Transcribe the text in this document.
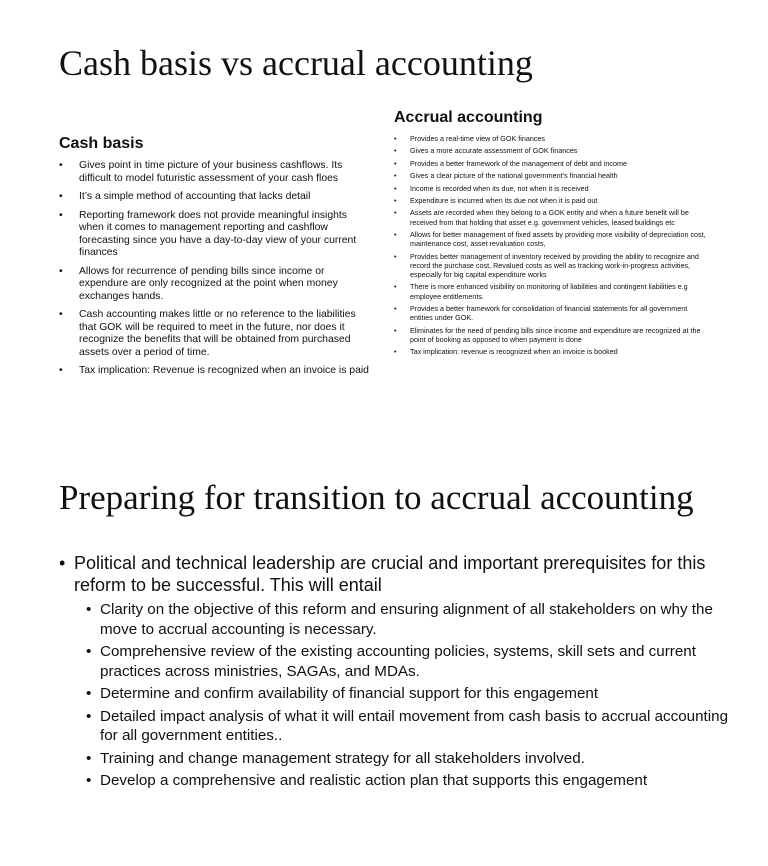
Cash basis vs accrual accounting
Cash basis
• Gives point in time picture of your business cashflows. Its difficult to model futuristic assessment of your cash floes
• It’s a simple method of accounting that lacks detail
• Reporting framework does not provide meaningful insights when it comes to management reporting and cashflow forecasting since you have a day-to-day view of your current finances
• Allows for recurrence of pending bills since income or expendure are only recognized at the point when money exchanges hands.
• Cash accounting makes little or no reference to the liabilities that GOK will be required to meet in the future, nor does it recognize the benefits that will be obtained from purchased assets over a period of time.
• Tax implication: Revenue is recognized when an invoice is paid
Accrual accounting
• Provides a real-time view of GOK finances
• Gives a more accurate assessment of GOK finances
• Provides a better framework of the management of debt and income
• Gives a clear picture of the national government’s financial health
• Income is recorded when its due, not when it is received
• Expenditure is incurred when its due not when it is paid out
• Assets are recorded when they belong to a GOK entity and when a future benefit will be received from that holding that asset e.g. government vehicles, leased buildings etc
• Allows for better management of fixed assets by providing more visibility of depreciation cost, maintenance cost, asset revaluation costs,
• Provides better management of inventory received by providing the ability to recognize and record the purchase cost, Revalued costs as well as tracking work-in-progress activities, especially for big capital expenditure works
• There is more enhanced visibility on monitoring of liabilities and contingent liabilities e.g employee entitlements.
• Provides a better framework for consolidation of financial statements for all government entities under GOK.
• Eliminates for the need of pending bills since income and expenditure are recognized at the point of booking as opposed to when payment is done
• Tax implication: revenue is recognized when an invoice is booked
Preparing for transition to accrual accounting
• Political and technical leadership are crucial and important prerequisites for this reform to be successful. This will entail
• Clarity on the objective of this reform and ensuring alignment of all stakeholders on why the move to accrual accounting is necessary.
• Comprehensive review of the existing accounting policies, systems, skill sets and current practices across ministries, SAGAs, and MDAs.
• Determine and confirm availability of financial support for this engagement
• Detailed impact analysis of what it will entail movement from cash basis to accrual accounting for all government entities..
• Training and change management strategy for all stakeholders involved.
• Develop a comprehensive and realistic action plan that supports this engagement
